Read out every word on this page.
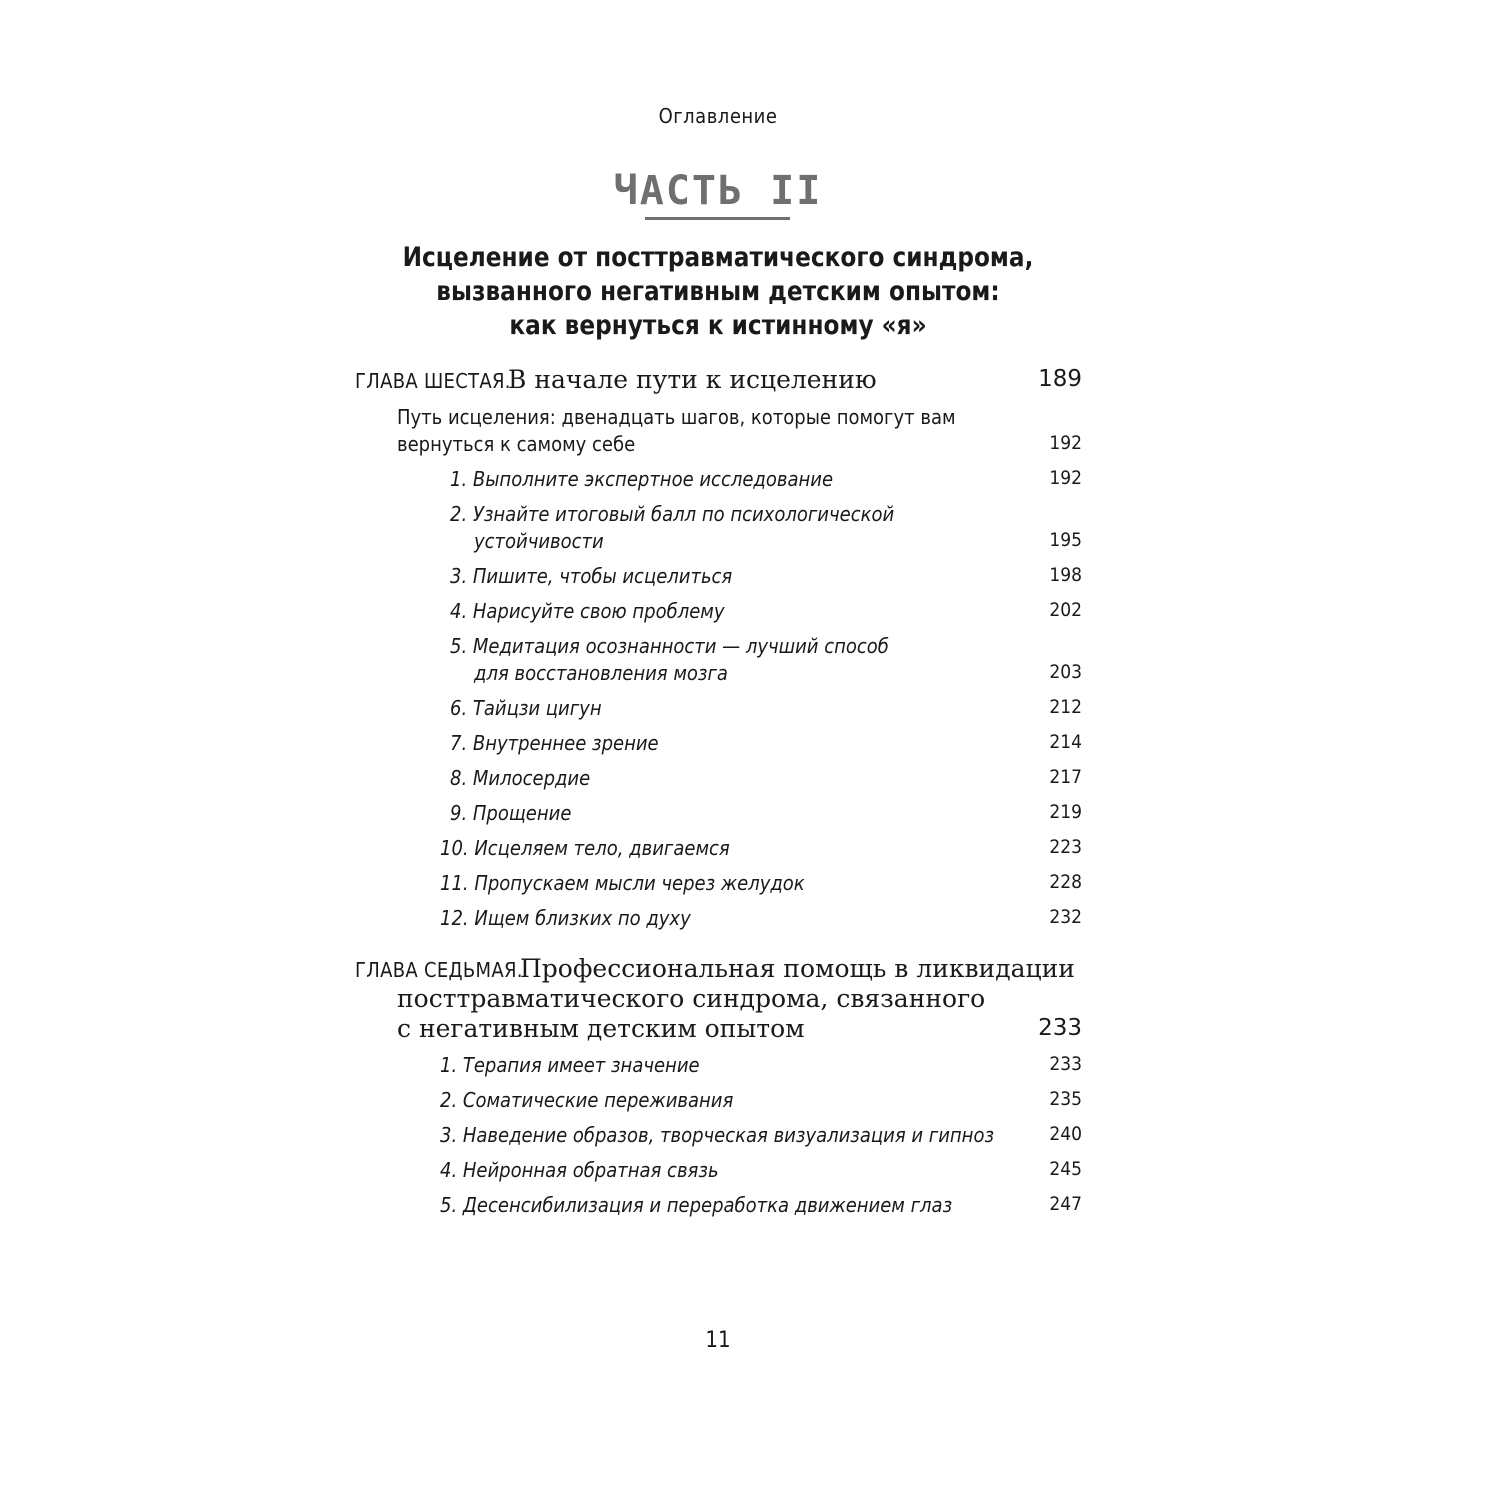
Оглавление
ЧАСТЬ II
Исцеление от посттравматического синдрома,
вызванного негативным детским опытом:
как вернуться к истинному «я»
ГЛАВА ШЕСТАЯ.
В начале пути к исцелению	189
Путь исцеления: двенадцать шагов, которые помогут вам
вернуться к самому себе	192
1. Выполните экспертное исследование	192
2. Узнайте итоговый балл по психологической
устойчивости	195
3. Пишите, чтобы исцелиться	198
4. Нарисуйте свою проблему	202
5. Медитация осознанности — лучший способ
для восстановления мозга	203
6. Тайцзи цигун	212
7. Внутреннее зрение	214
8. Милосердие	217
9. Прощение	219
10. Исцеляем тело, двигаемся	223
11. Пропускаем мысли через желудок	228
12. Ищем близких по духу	232
ГЛАВА СЕДЬМАЯ.
Профессиональная помощь в ликвидации
посттравматического синдрома, связанного
с негативным детским опытом	233
1. Терапия имеет значение	233
2. Соматические переживания	235
3. Наведение образов, творческая визуализация и гипноз	240
4. Нейронная обратная связь	245
5. Десенсибилизация и переработка движением глаз	247
11
